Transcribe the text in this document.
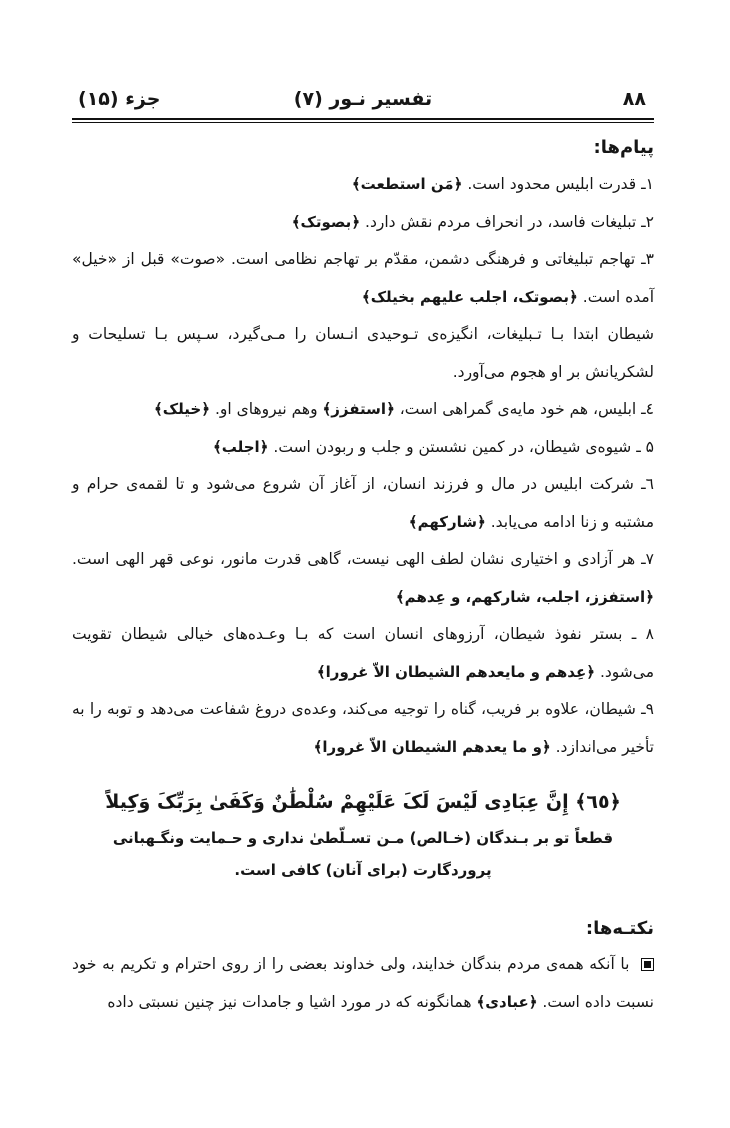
۸۸
تفسیر نـور (۷)
جزء (۱۵)
پیام‌ها:

۱ـ قدرت ابلیس محدود است. ﴿مَن استطعت﴾

۲ـ تبلیغات فاسد، در انحراف مردم نقش دارد. ﴿بصوتک﴾

۳ـ تهاجم تبلیغاتی و فرهنگی دشمن، مقدّم بر تهاجم نظامی است. «صوت» قبل از «خیل» آمده است. ﴿بصوتک، اجلب علیهم بخیلک﴾

شیطان ابتدا بـا تـبلیغات، انگیزه‌ی تـوحیدی انـسان را مـی‌گیرد، سـپس بـا تسلیحات و لشکریانش بر او هجوم می‌آورد.

٤ـ ابلیس، هم خود مایه‌ی گمراهی است، ﴿استفزز﴾ وهم نیروهای او. ﴿خیلک﴾

۵ ـ شیوه‌ی شیطان، در کمین نشستن و جلب و ربودن است. ﴿اجلب﴾

٦ـ شرکت ابلیس در مال و فرزند انسان، از آغاز آن شروع می‌شود و تا لقمه‌ی حرام و مشتبه و زنا ادامه می‌یابد. ﴿شارکهم﴾

۷ـ هر آزادی و اختیاری نشان لطف الهی نیست، گاهی قدرت مانور، نوعی قهر الهی است. ﴿استفزز، اجلب، شارکهم، و عِدهم﴾

۸ ـ بستر نفوذ شیطان، آرزوهای انسان است که بـا وعـده‌های خیالی شیطان تقویت می‌شود. ﴿عِدهم و مایعدهم الشیطان الاّ غرورا﴾

۹ـ شیطان، علاوه بر فریب، گناه را توجیه می‌کند، وعده‌ی دروغ شفاعت می‌دهد و توبه را به تأخیر می‌اندازد. ﴿و ما یعدهم الشیطان الاّ غرورا﴾

﴿٦٥﴾ إِنَّ عِبَادِی لَیْسَ لَکَ عَلَیْهِمْ سُلْطَٰنٌ وَکَفَیٰ بِرَبِّکَ وَکِیلاً
قطعاً تو بر بـندگان (خـالص) مـن تسـلّطیٰ نداری و حـمایت ونگـهبانی پروردگارت (برای آنان) کافی است.
نکتـه‌ها:

با آنکه همه‌ی مردم بندگان خدایند، ولی خداوند بعضی را از روی احترام و تکریم به خود نسبت داده است. ﴿عبادی﴾ همانگونه که در مورد اشیا و جامدات نیز چنین نسبتی داده
